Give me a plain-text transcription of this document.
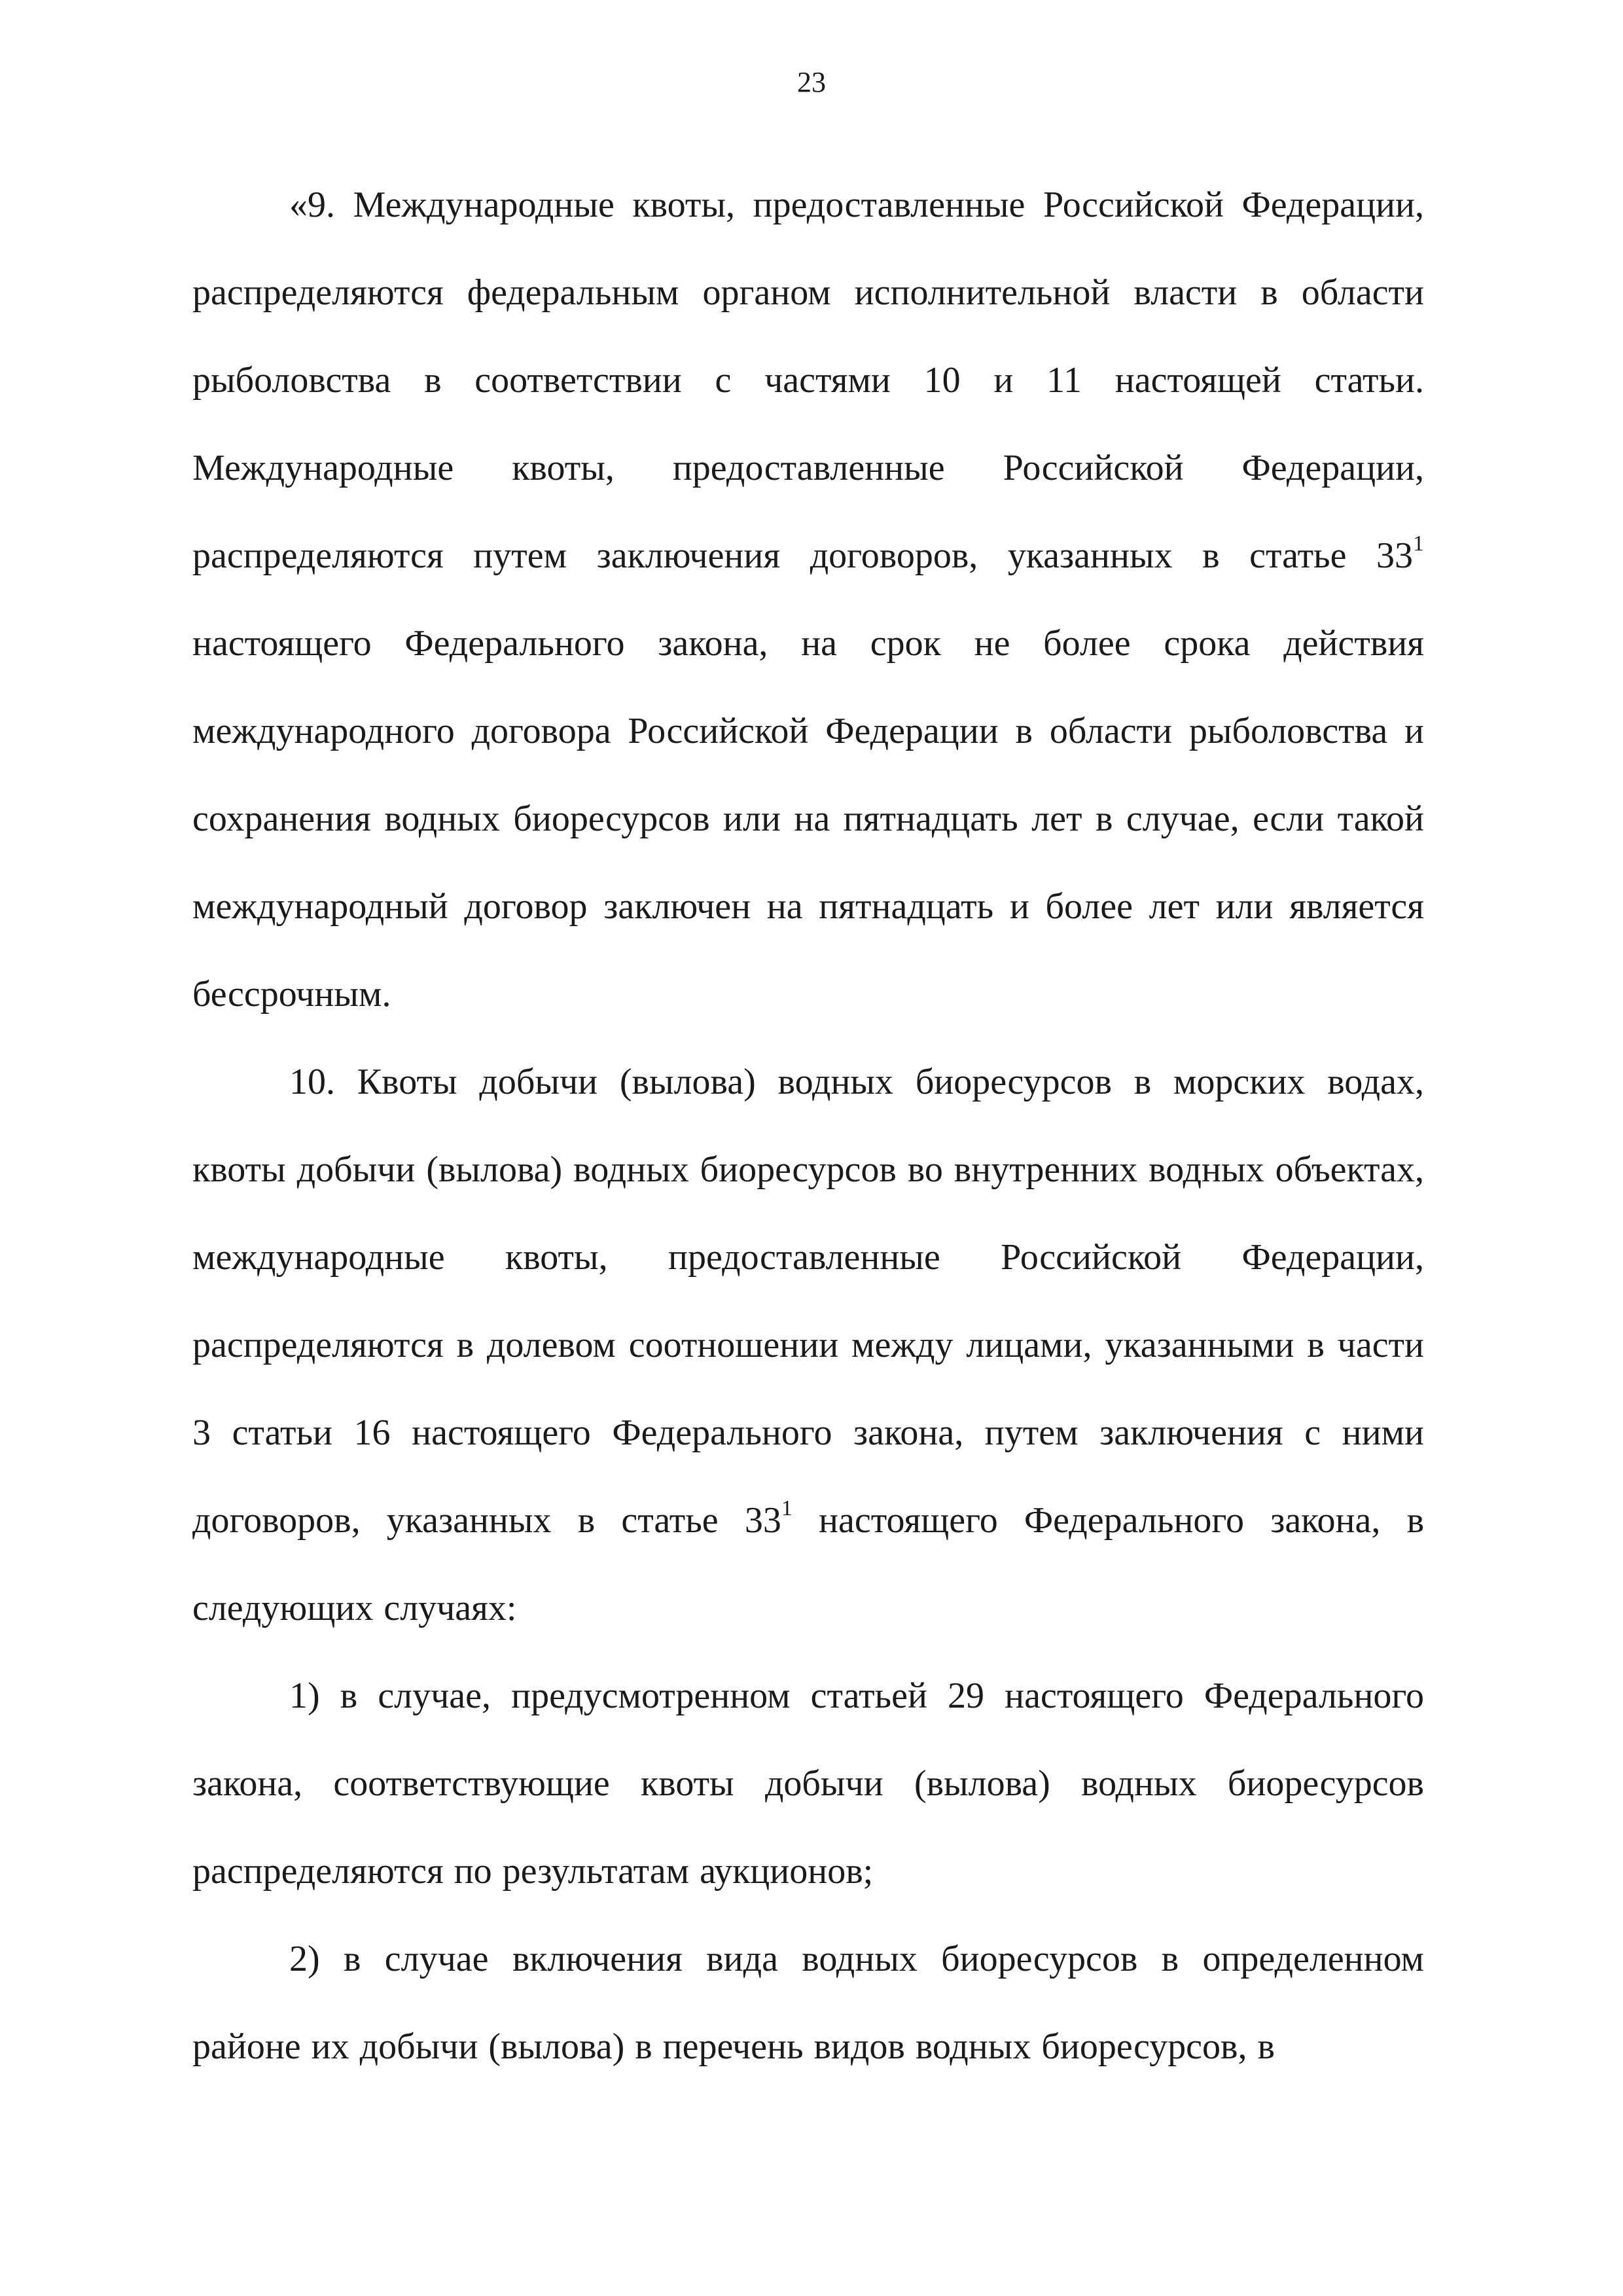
23

«9. Международные квоты, предоставленные Российской Федерации, распределяются федеральным органом исполнительной власти в области рыболовства в соответствии с частями 10 и 11 настоящей статьи. Международные квоты, предоставленные Российской Федерации, распределяются путем заключения договоров, указанных в статье $33^1$ настоящего Федерального закона, на срок не более срока действия международного договора Российской Федерации в области рыболовства и сохранения водных биоресурсов или на пятнадцать лет в случае, если такой международный договор заключен на пятнадцать и более лет или является бессрочным.

10. Квоты добычи (вылова) водных биоресурсов в морских водах, квоты добычи (вылова) водных биоресурсов во внутренних водных объектах, международные квоты, предоставленные Российской Федерации, распределяются в долевом соотношении между лицами, указанными в части 3 статьи 16 настоящего Федерального закона, путем заключения с ними договоров, указанных в статье $33^1$ настоящего Федерального закона, в следующих случаях:

1) в случае, предусмотренном статьей 29 настоящего Федерального закона, соответствующие квоты добычи (вылова) водных биоресурсов распределяются по результатам аукционов;

2) в случае включения вида водных биоресурсов в определенном районе их добычи (вылова) в перечень видов водных биоресурсов, в
